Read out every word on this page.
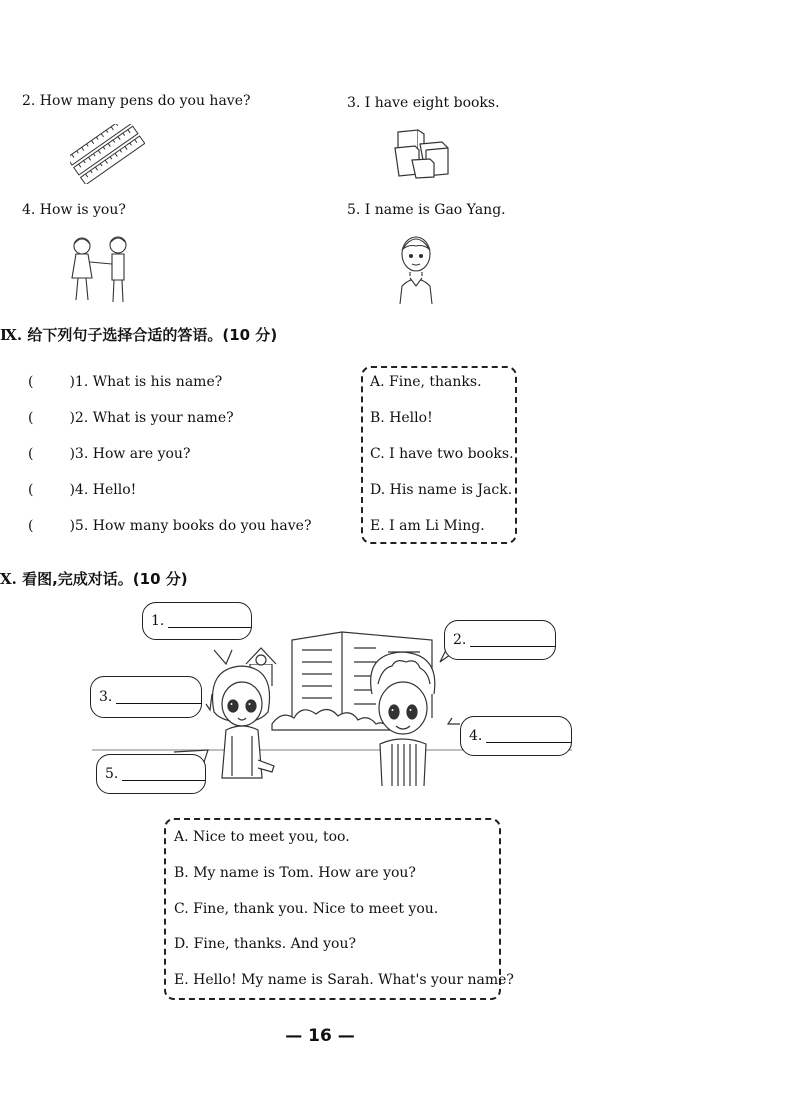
2. How many pens do you have?	3. I have eight books.
4. How is you?	5. I name is Gao Yang.
Ⅸ. 给下列句子选择合适的答语。(10 分)
(	)1. What is his name?
(	)2. What is your name?
(	)3. How are you?
(	)4. Hello!
(	)5. How many books do you have?
A. Fine, thanks.
B. Hello!
C. I have two books.
D. His name is Jack.
E. I am Li Ming.
Ⅹ. 看图,完成对话。(10 分)
1.
2.
3.
4.
5.
A. Nice to meet you, too.
B. My name is Tom. How are you?
C. Fine, thank you. Nice to meet you.
D. Fine, thanks. And you?
E. Hello! My name is Sarah. What's your name?
— 16 —
